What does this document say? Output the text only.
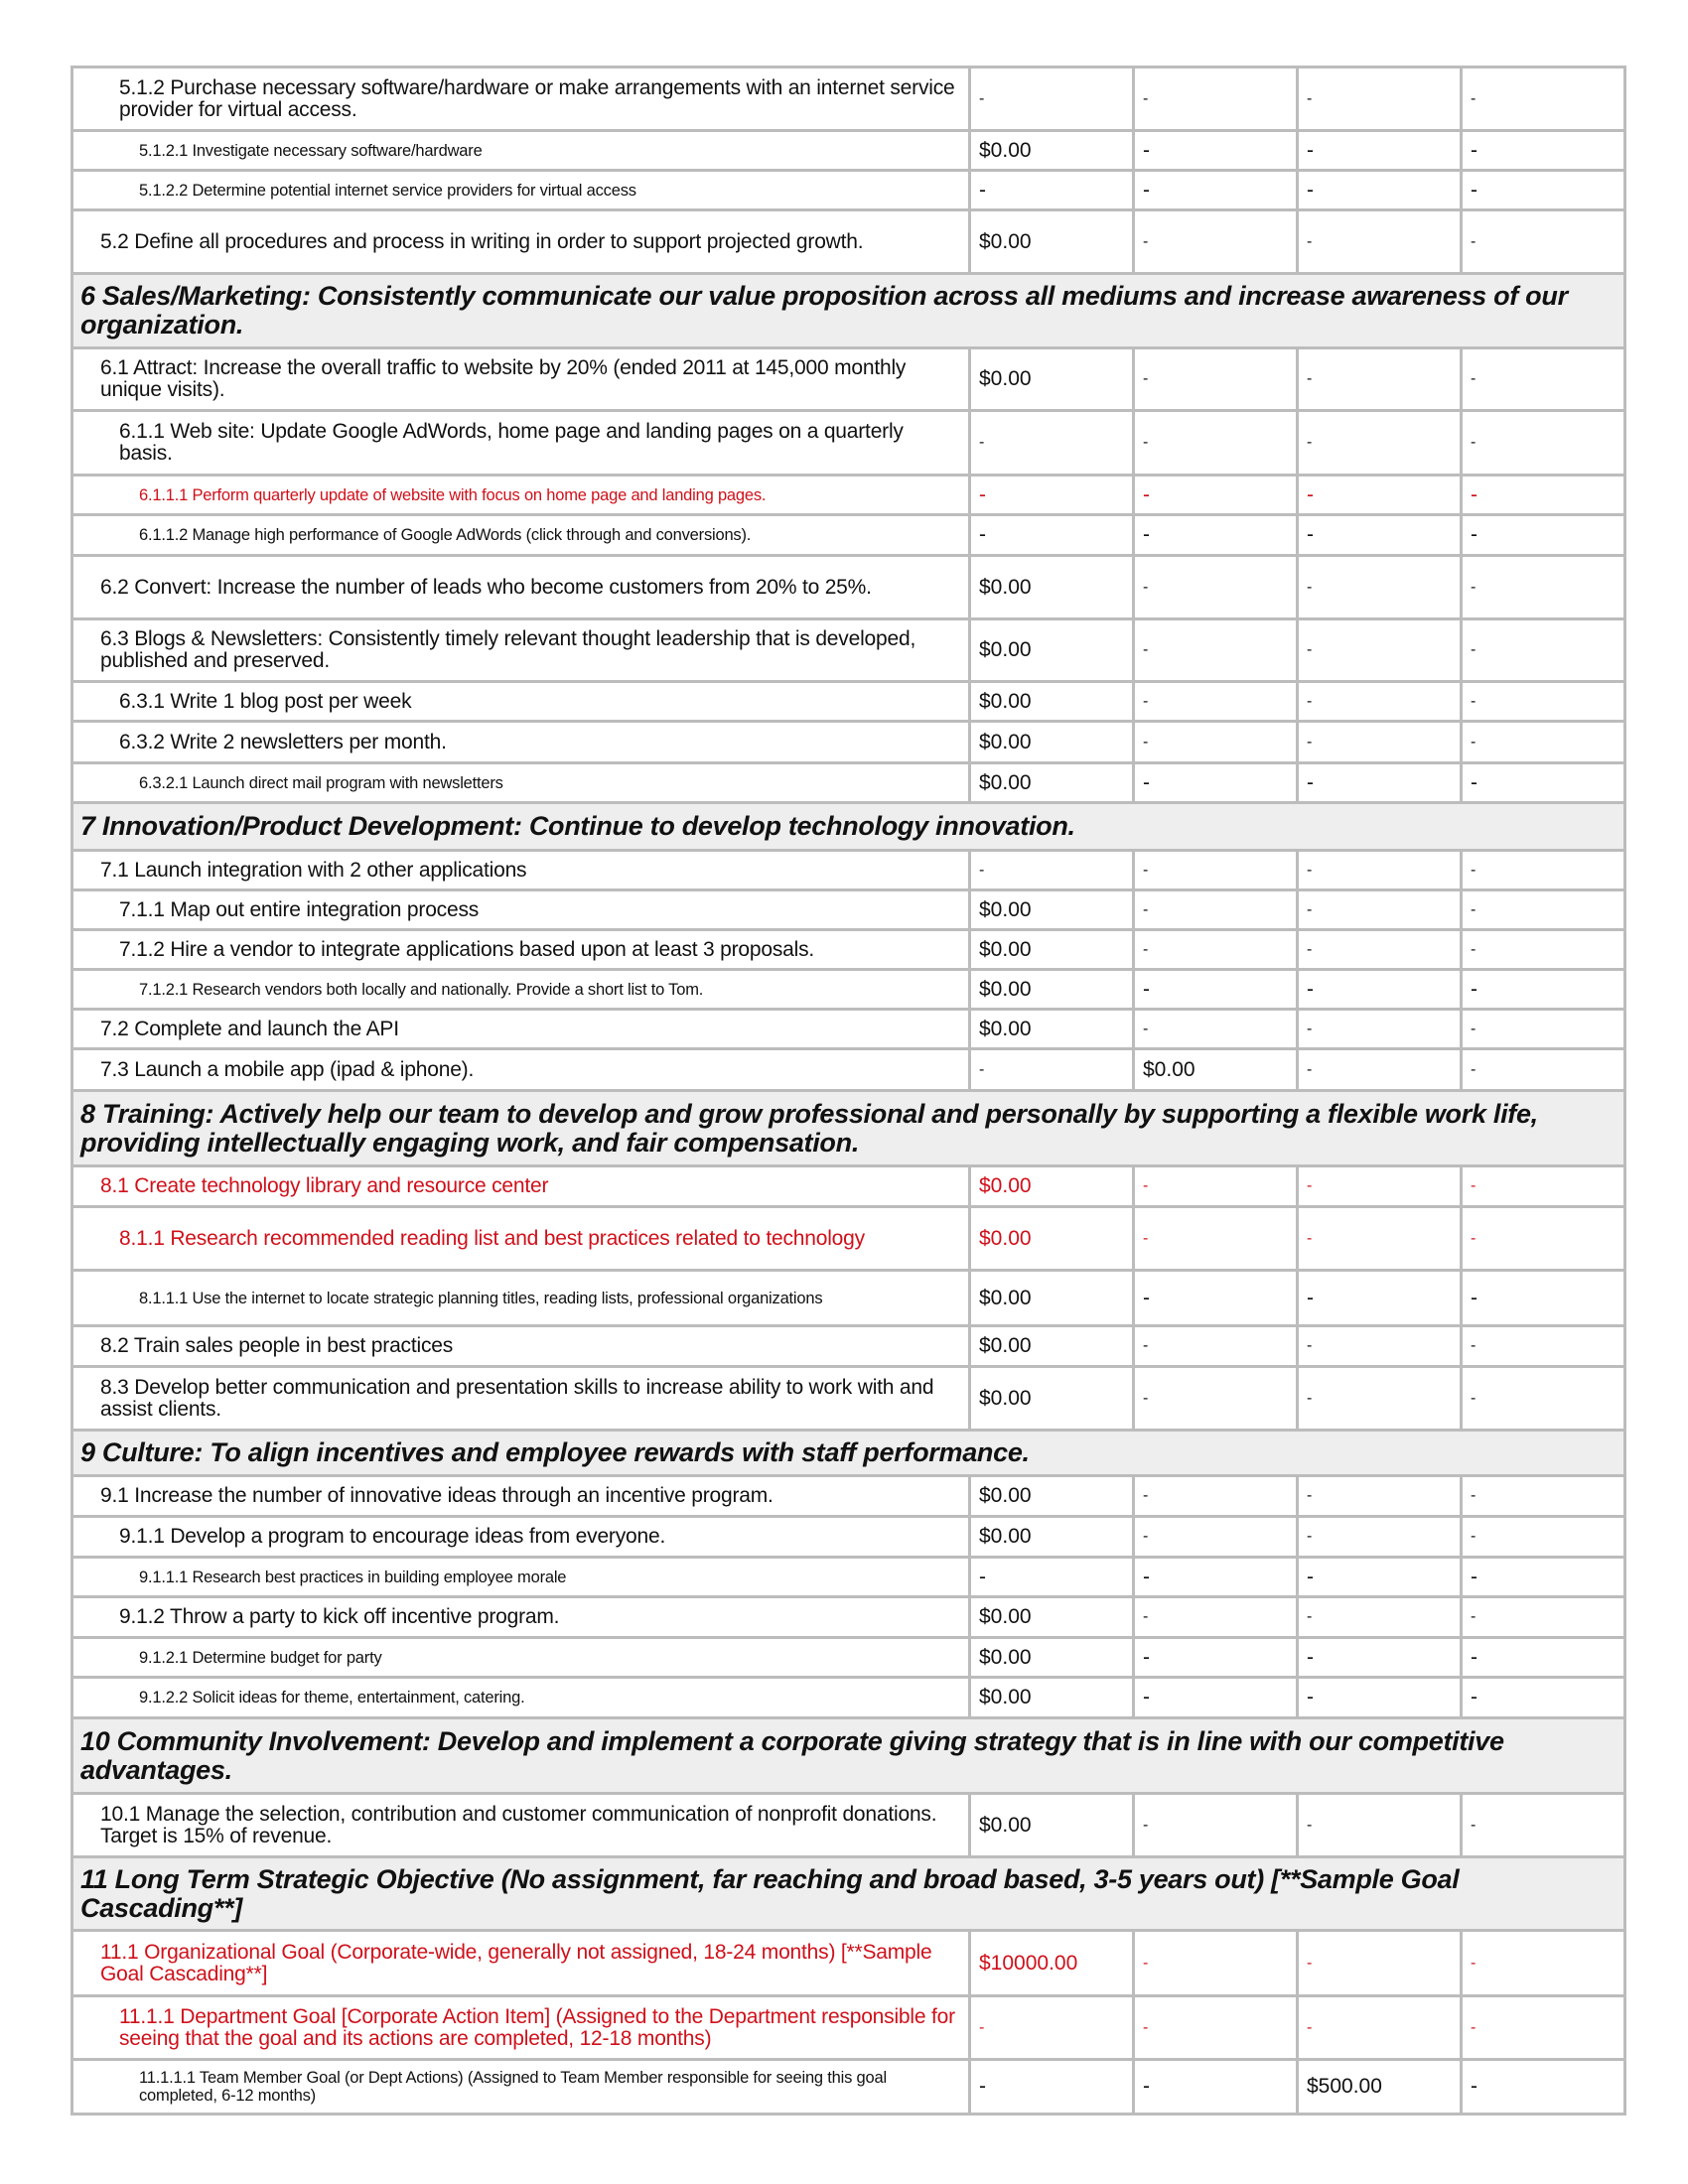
5.1.2 Purchase necessary software/hardware or make arrangements with an internet service provider for virtual access.	-	-	-	-
5.1.2.1 Investigate necessary software/hardware	$0.00	-	-	-
5.1.2.2 Determine potential internet service providers for virtual access	-	-	-	-
5.2 Define all procedures and process in writing in order to support projected growth.	$0.00	-	-	-
6 Sales/Marketing: Consistently communicate our value proposition across all mediums and increase awareness of our organization.				
6.1 Attract: Increase the overall traffic to website by 20% (ended 2011 at 145,000 monthly unique visits).	$0.00	-	-	-
6.1.1 Web site: Update Google AdWords, home page and landing pages on a quarterly basis.	-	-	-	-
6.1.1.1 Perform quarterly update of website with focus on home page and landing pages.	-	-	-	-
6.1.1.2 Manage high performance of Google AdWords (click through and conversions).	-	-	-	-
6.2 Convert: Increase the number of leads who become customers from 20% to 25%.	$0.00	-	-	-
6.3 Blogs & Newsletters: Consistently timely relevant thought leadership that is developed, published and preserved.	$0.00	-	-	-
6.3.1 Write 1 blog post per week	$0.00	-	-	-
6.3.2 Write 2 newsletters per month.	$0.00	-	-	-
6.3.2.1 Launch direct mail program with newsletters	$0.00	-	-	-
7 Innovation/Product Development: Continue to develop technology innovation.				
7.1 Launch integration with 2 other applications	-	-	-	-
7.1.1 Map out entire integration process	$0.00	-	-	-
7.1.2 Hire a vendor to integrate applications based upon at least 3 proposals.	$0.00	-	-	-
7.1.2.1 Research vendors both locally and nationally. Provide a short list to Tom.	$0.00	-	-	-
7.2 Complete and launch the API	$0.00	-	-	-
7.3 Launch a mobile app (ipad & iphone).	-	$0.00	-	-
8 Training: Actively help our team to develop and grow professional and personally by supporting a flexible work life, providing intellectually engaging work, and fair compensation.				
8.1 Create technology library and resource center	$0.00	-	-	-
8.1.1 Research recommended reading list and best practices related to technology	$0.00	-	-	-
8.1.1.1 Use the internet to locate strategic planning titles, reading lists, professional organizations	$0.00	-	-	-
8.2 Train sales people in best practices	$0.00	-	-	-
8.3 Develop better communication and presentation skills to increase ability to work with and assist clients.	$0.00	-	-	-
9 Culture: To align incentives and employee rewards with staff performance.				
9.1 Increase the number of innovative ideas through an incentive program.	$0.00	-	-	-
9.1.1 Develop a program to encourage ideas from everyone.	$0.00	-	-	-
9.1.1.1 Research best practices in building employee morale	-	-	-	-
9.1.2 Throw a party to kick off incentive program.	$0.00	-	-	-
9.1.2.1 Determine budget for party	$0.00	-	-	-
9.1.2.2 Solicit ideas for theme, entertainment, catering.	$0.00	-	-	-
10 Community Involvement: Develop and implement a corporate giving strategy that is in line with our competitive advantages.				
10.1 Manage the selection, contribution and customer communication of nonprofit donations. Target is 15% of revenue.	$0.00	-	-	-
11 Long Term Strategic Objective (No assignment, far reaching and broad based, 3-5 years out) [**Sample Goal Cascading**]				
11.1 Organizational Goal (Corporate-wide, generally not assigned, 18-24 months) [**Sample Goal Cascading**]	$10000.00	-	-	-
11.1.1 Department Goal [Corporate Action Item] (Assigned to the Department responsible for seeing that the goal and its actions are completed, 12-18 months)	-	-	-	-
11.1.1.1 Team Member Goal (or Dept Actions) (Assigned to Team Member responsible for seeing this goal completed, 6-12 months)	-	-	$500.00	-
